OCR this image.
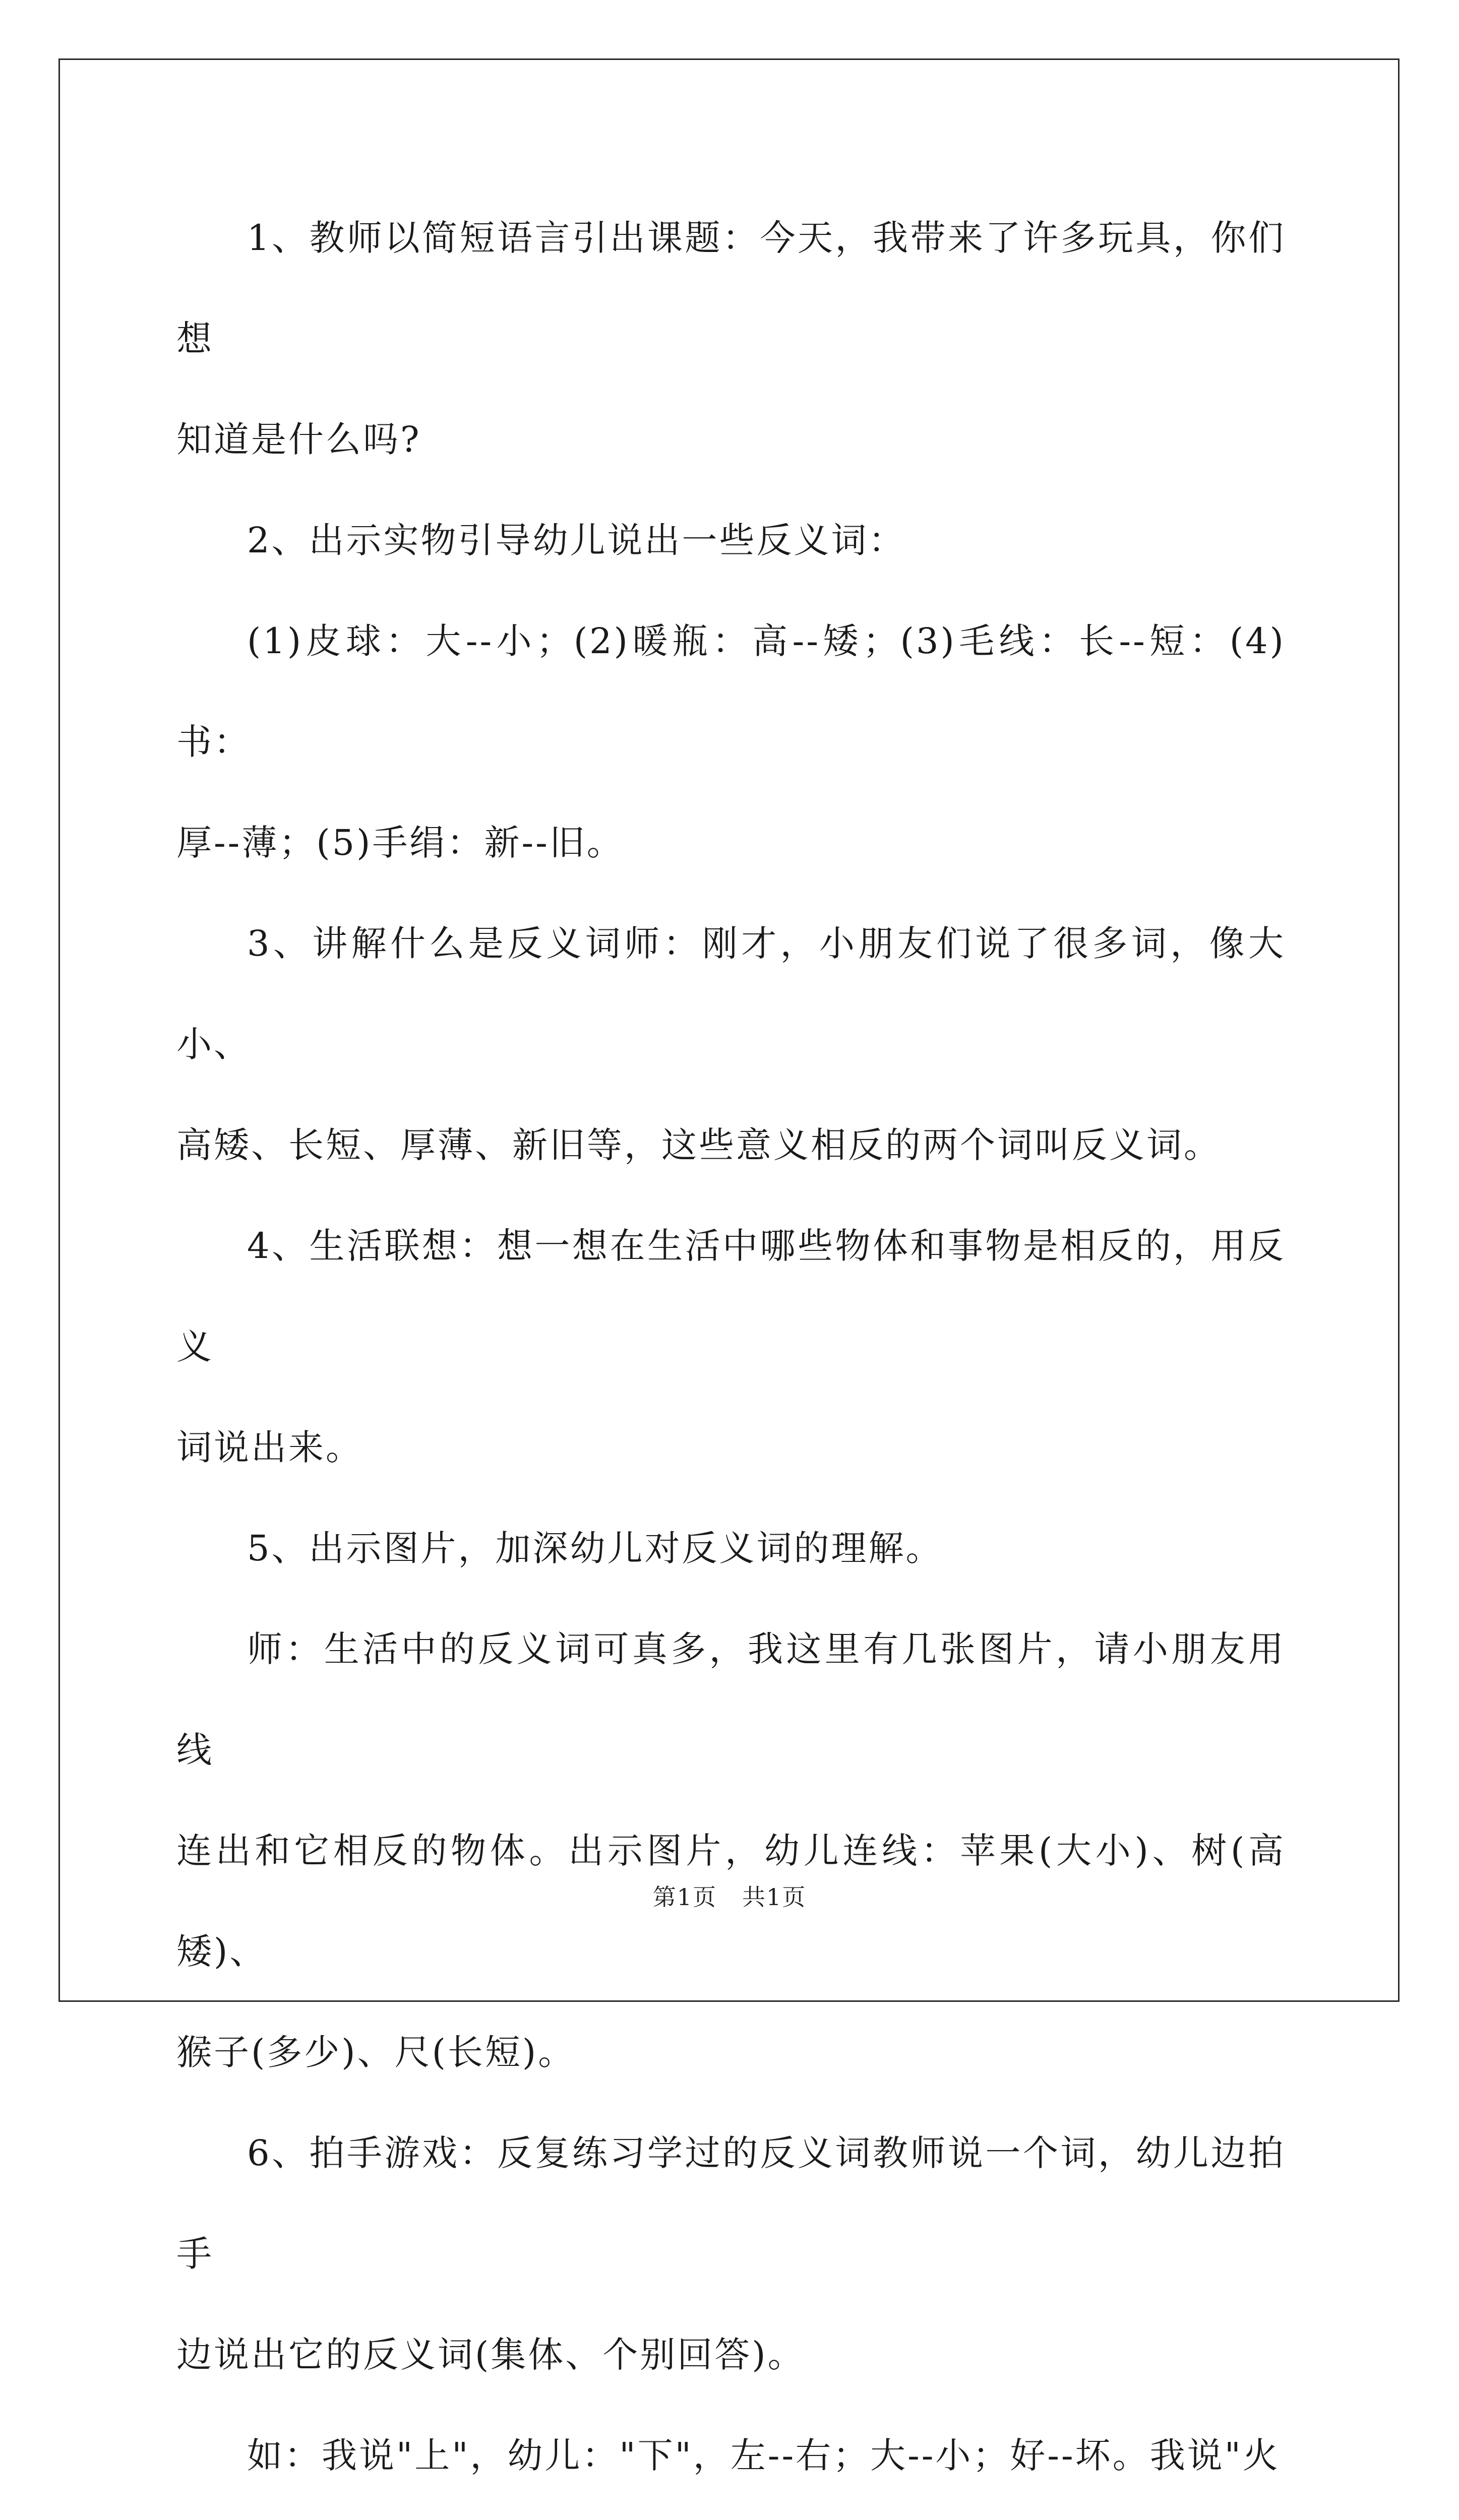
1、教师以简短语言引出课题：今天，我带来了许多玩具，你们想

知道是什么吗?

2、出示实物引导幼儿说出一些反义词：

(1)皮球：大--小；(2)暖瓶：高--矮；(3)毛线：长--短：(4)书：

厚--薄；(5)手绢：新--旧。

3、讲解什么是反义词师：刚才，小朋友们说了很多词，像大小、

高矮、长短、厚薄、新旧等，这些意义相反的两个词叫反义词。

4、生活联想：想一想在生活中哪些物体和事物是相反的，用反义

词说出来。

5、出示图片，加深幼儿对反义词的理解。

师：生活中的反义词可真多，我这里有几张图片，请小朋友用线

连出和它相反的物体。出示图片，幼儿连线：苹果(大小)、树(高矮)、

猴子(多少)、尺(长短)。

6、拍手游戏：反复练习学过的反义词教师说一个词，幼儿边拍手

边说出它的反义词(集体、个别回答)。

如：我说"上"，幼儿："下"，左--右；大--小；好--坏。我说"火

第1页 共1页
